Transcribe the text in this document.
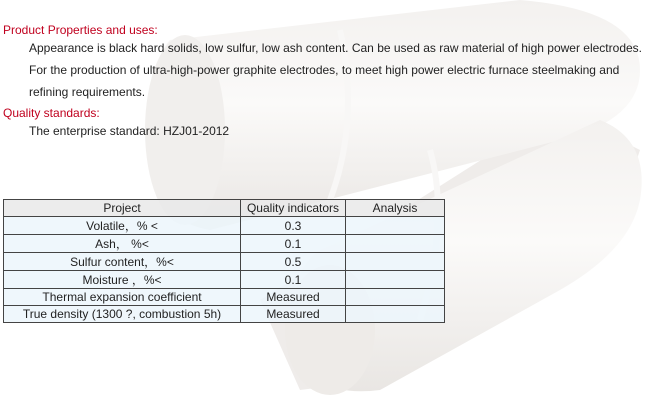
Product Properties and uses:

Appearance is black hard solids, low sulfur, low ash content. Can be used as raw material of high power electrodes.

For the production of ultra-high-power graphite electrodes, to meet high power electric furnace steelmaking and

refining requirements.

Quality standards:

The enterprise standard: HZJ01-2012

Project	Quality indicators	Analysis
Volatile，% <	0.3	
Ash， %<	0.1	
Sulfur content，%<	0.5	
Moisture ，%<	0.1	
Thermal expansion coefficient	Measured	
True density (1300 ?, combustion 5h)	Measured	
